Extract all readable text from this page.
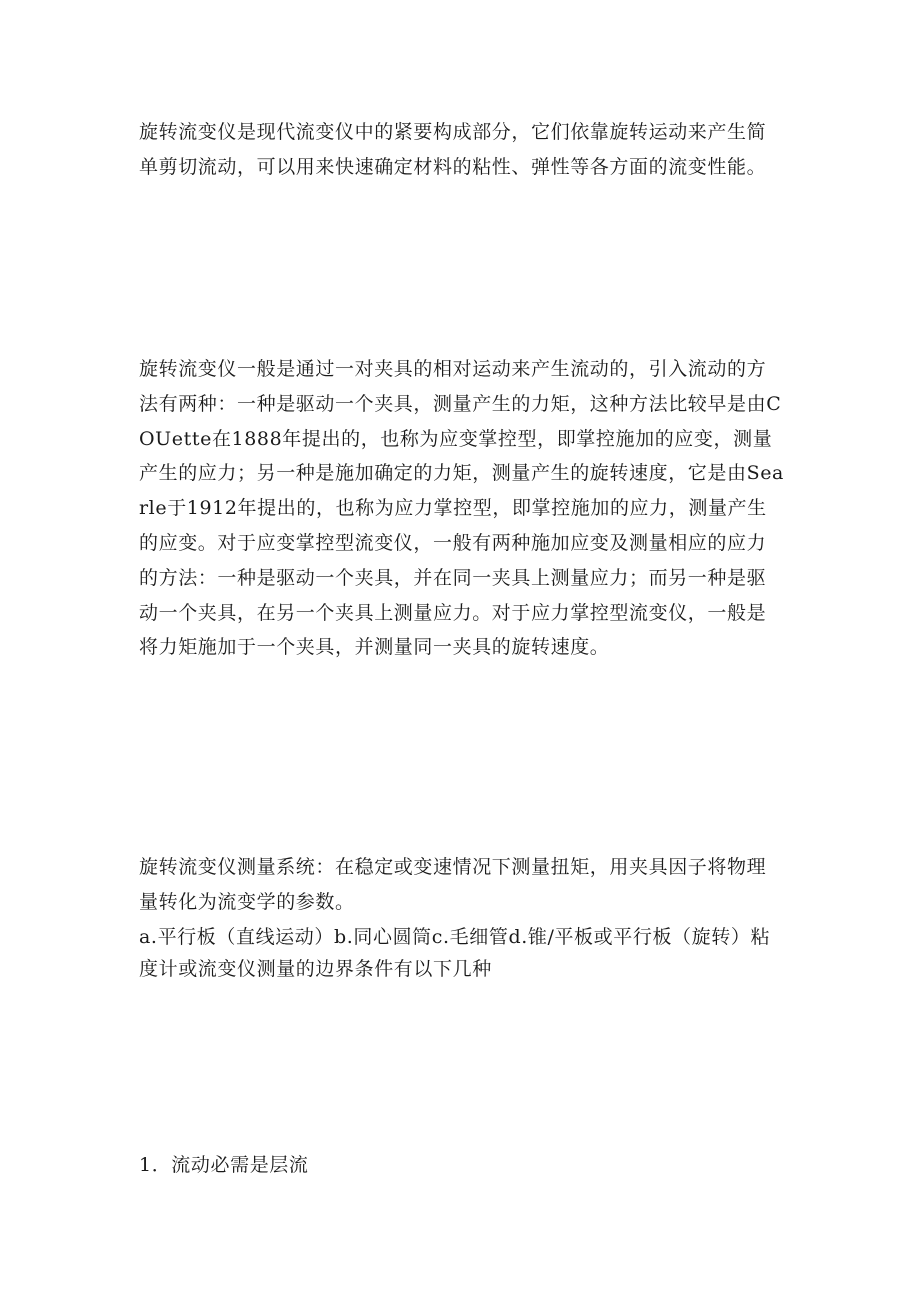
旋转流变仪是现代流变仪中的紧要构成部分，它们依靠旋转运动来产生简单剪切流动，可以用来快速确定材料的粘性、弹性等各方面的流变性能。

旋转流变仪一般是通过一对夹具的相对运动来产生流动的，引入流动的方法有两种：一种是驱动一个夹具，测量产生的力矩，这种方法比较早是由COUette在1888年提出的，也称为应变掌控型，即掌控施加的应变，测量产生的应力；另一种是施加确定的力矩，测量产生的旋转速度，它是由Searle于1912年提出的，也称为应力掌控型，即掌控施加的应力，测量产生的应变。对于应变掌控型流变仪，一般有两种施加应变及测量相应的应力的方法：一种是驱动一个夹具，并在同一夹具上测量应力；而另一种是驱动一个夹具，在另一个夹具上测量应力。对于应力掌控型流变仪，一般是将力矩施加于一个夹具，并测量同一夹具的旋转速度。

旋转流变仪测量系统：在稳定或变速情况下测量扭矩，用夹具因子将物理量转化为流变学的参数。

a.平行板（直线运动）b.同心圆筒c.毛细管d.锥/平板或平行板（旋转）粘度计或流变仪测量的边界条件有以下几种

1．流动必需是层流
